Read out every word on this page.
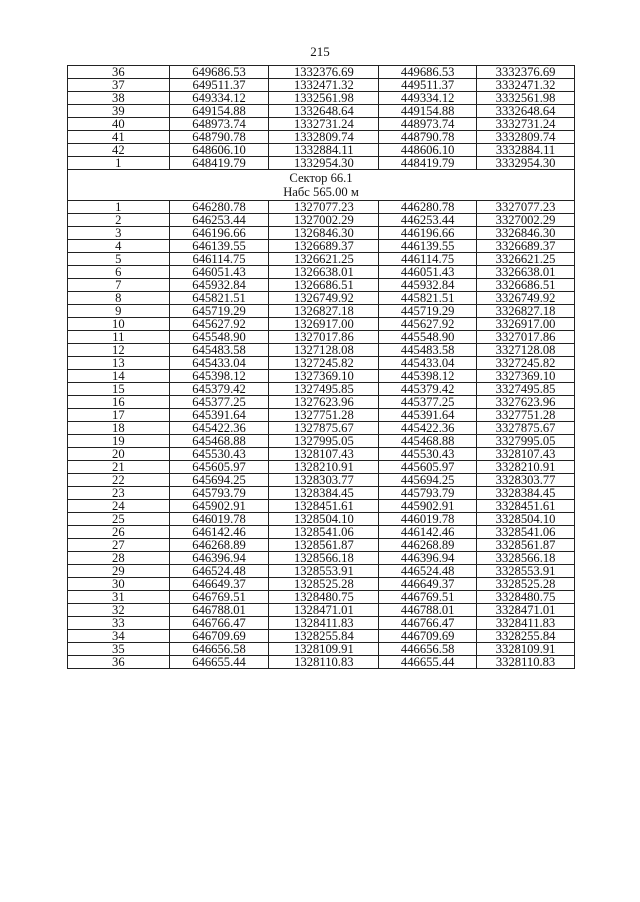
215
36	649686.53	1332376.69	449686.53	3332376.69
37	649511.37	1332471.32	449511.37	3332471.32
38	649334.12	1332561.98	449334.12	3332561.98
39	649154.88	1332648.64	449154.88	3332648.64
40	648973.74	1332731.24	448973.74	3332731.24
41	648790.78	1332809.74	448790.78	3332809.74
42	648606.10	1332884.11	448606.10	3332884.11
1	648419.79	1332954.30	448419.79	3332954.30

Сектор 66.1
Набс 565.00 м				

1	646280.78	1327077.23	446280.78	3327077.23
2	646253.44	1327002.29	446253.44	3327002.29
3	646196.66	1326846.30	446196.66	3326846.30
4	646139.55	1326689.37	446139.55	3326689.37
5	646114.75	1326621.25	446114.75	3326621.25
6	646051.43	1326638.01	446051.43	3326638.01
7	645932.84	1326686.51	445932.84	3326686.51
8	645821.51	1326749.92	445821.51	3326749.92
9	645719.29	1326827.18	445719.29	3326827.18
10	645627.92	1326917.00	445627.92	3326917.00
11	645548.90	1327017.86	445548.90	3327017.86
12	645483.58	1327128.08	445483.58	3327128.08
13	645433.04	1327245.82	445433.04	3327245.82
14	645398.12	1327369.10	445398.12	3327369.10
15	645379.42	1327495.85	445379.42	3327495.85
16	645377.25	1327623.96	445377.25	3327623.96
17	645391.64	1327751.28	445391.64	3327751.28
18	645422.36	1327875.67	445422.36	3327875.67
19	645468.88	1327995.05	445468.88	3327995.05
20	645530.43	1328107.43	445530.43	3328107.43
21	645605.97	1328210.91	445605.97	3328210.91
22	645694.25	1328303.77	445694.25	3328303.77
23	645793.79	1328384.45	445793.79	3328384.45
24	645902.91	1328451.61	445902.91	3328451.61
25	646019.78	1328504.10	446019.78	3328504.10
26	646142.46	1328541.06	446142.46	3328541.06
27	646268.89	1328561.87	446268.89	3328561.87
28	646396.94	1328566.18	446396.94	3328566.18
29	646524.48	1328553.91	446524.48	3328553.91
30	646649.37	1328525.28	446649.37	3328525.28
31	646769.51	1328480.75	446769.51	3328480.75
32	646788.01	1328471.01	446788.01	3328471.01
33	646766.47	1328411.83	446766.47	3328411.83
34	646709.69	1328255.84	446709.69	3328255.84
35	646656.58	1328109.91	446656.58	3328109.91
36	646655.44	1328110.83	446655.44	3328110.83
